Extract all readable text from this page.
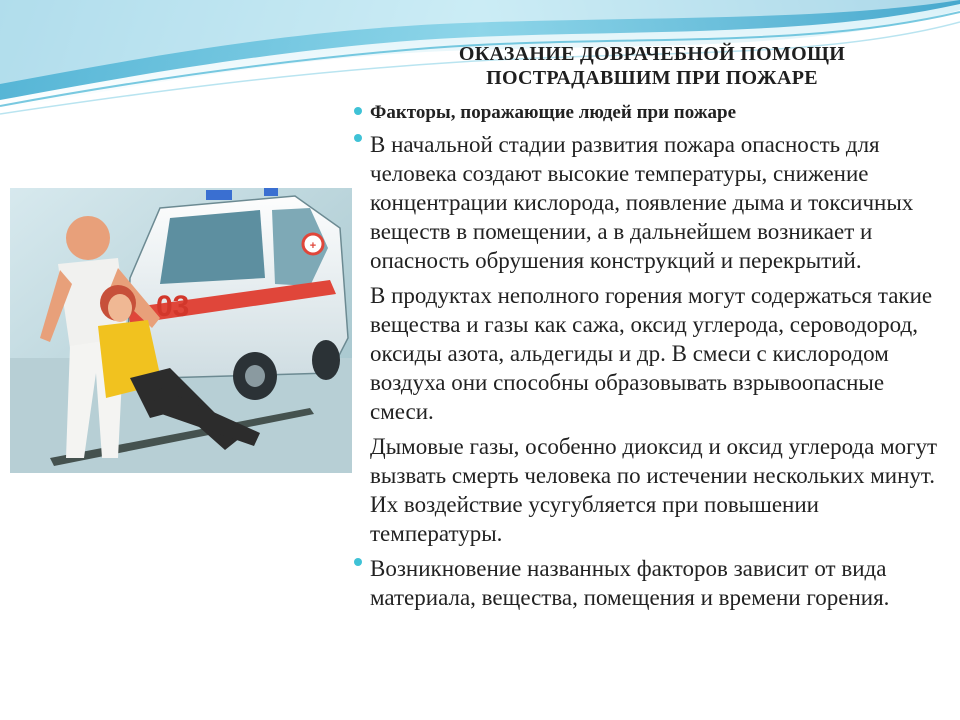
ОКАЗАНИЕ ДОВРАЧЕБНОЙ ПОМОЩИ
ПОСТРАДАВШИМ ПРИ ПОЖАРЕ
+
03
Факторы, поражающие людей при пожаре
В начальной стадии развития пожара опасность для человека создают высокие температуры, снижение концентрации кислорода, появление дыма и токсичных веществ в помещении, а в дальнейшем возникает и опасность обрушения конструкций и перекрытий.
В продуктах неполного горения могут содержаться такие вещества и газы как сажа, оксид углерода, сероводород, оксиды азота, альдегиды и др. В смеси с кислородом воздуха они способны образовывать взрывоопасные смеси.
Дымовые газы, особенно диоксид и оксид углерода могут вызвать смерть человека по истечении нескольких минут. Их воздействие усугубляется при повышении температуры.
Возникновение названных факторов зависит от вида материала, вещества, помещения и времени горения.
